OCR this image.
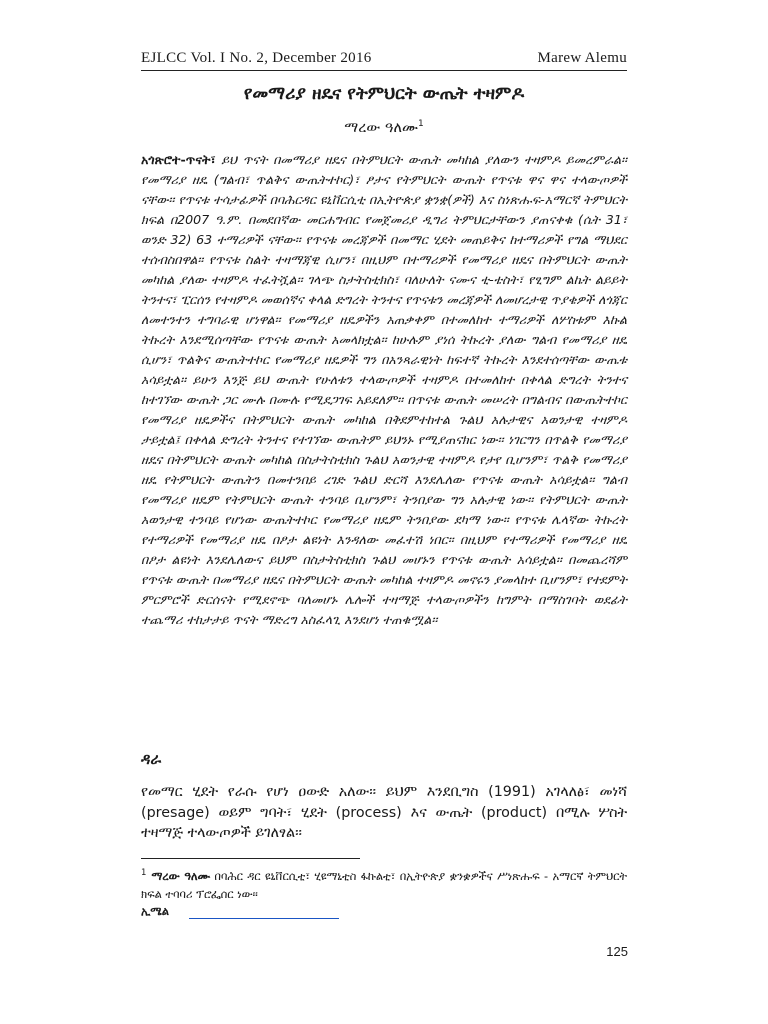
EJLCC Vol. I No. 2, December 2016	Marew Alemu
የመማሪያ ዘዴና የትምህርት ውጤት ተዛምዶ
ማረው ዓለሙ$^1$

አጎጽሮተ-ጥናት፣ ይህ ጥናት በመማሪያ ዘዴና በትምህርት ውጤት መካከል ያለውን ተዛምዶ ይመረምራል፡፡ የመማሪያ ዘዴ (ግልብ፣ ጥልቅና ውጤትተኮር)፣ ፆታና የትምህርት ውጤት የጥናቱ ዋና ዋና ተላውጦዎች ናቸው፡፡ የጥናቱ ተሳታፊዎች በባሕርዳር ዩኒቨርሲቲ በኢትዮጵያ ቋንቋ(ዎች) እና ስነጽሑፍ-አማርኛ ትምህርት ክፍል በ2007 ዓ.ም. በመደበኛው መርሐግብር የመጀመሪያ ዲግሪ ትምህርታቸውን ያጠናቀቁ (ሴት 31፣ ወንድ 32) 63 ተማሪዎች ናቸው፡፡ የጥናቱ መረጃዎች በመማር ሂደት መጠይቅና ከተማሪዎች የግል ማህደር ተሰብስበዋል፡፡ የጥናቱ ስልት ተዛማጃዊ ሲሆን፣ በዚህም በተማሪዎች የመማሪያ ዘዴና በትምህርት ውጤት መካከል ያለው ተዛምዶ ተፈትሿል፡፡ ገላጭ ስታትስቲክስ፣ ባለሁለት ናሙና ቲ-ቴስት፣ የፂግም ልኬት ልይይት ትንተና፣ ፒርሰን የተዛምዶ መወሰኛና ቀላል ድግረት ትንተና የጥናቱን መረጃዎች ለመሆረታዊ ጥያቄዎች ለጎጃር ለመተንተን ተግባራዊ ሆነዋል፡፡ የመማሪያ ዘዴዎችን አጠቃቀም በተመለከተ ተማሪዎች ለሦስቱም እኩል ትኩረት እንደሚሰጣቸው የጥናቱ ውጤት አመላክቷል፡፡ ከሁሉም ያነሰ ትኩረት ያለው ግልብ የመማሪያ ዘዴ ሲሆን፣ ጥልቅና ውጤትተኮር የመማሪያ ዘዴዎች ግን በአንጻራዊነት ከፍተኛ ትኩረት እንደተሰጣቸው ውጤቱ አሳይቷል፡፡ ይሁን እንጅ ይህ ውጤት የሁለቱን ተላውጦዎች ተዛምዶ በተመለከተ በቀላል ድግረት ትንተና ከተገኘው ውጤት ጋር ሙሉ በሙሉ የሚደጋገፍ አይደለም፡፡ በጥናቱ ውጤት መሠረት በግልብና በውጤትተኮር የመማሪያ ዘዴዎችና በትምህርት ውጤት መካከል በቅደምተከተል ጉልህ አሉታዊና አወንታዊ ተዛምዶ ታይቷል፤ በቀላል ድግረት ትንተና የተገኘው ውጤትም ይህንኑ የሚያጠናክር ነው፡፡ ነገርግን በጥልቅ የመማሪያ ዘዴና በትምህርት ውጤት መካከል በስታትስቲክስ ጉልህ አወንታዊ ተዛምዶ የታየ ቢሆንም፣ ጥልቅ የመማሪያ ዘዴ የትምህርት ውጤትን በመተንበይ ረገድ ጉልህ ድርሻ እንደሌለው የጥናቱ ውጤት አሳይቷል፡፡ ግልብ የመማሪያ ዘዴም የትምህርት ውጤት ተንባይ ቢሆንም፣ ትንበያው ግን አሉታዊ ነው፡፡ የትምህርት ውጤት አወንታዊ ተንባይ የሆነው ውጤትተኮር የመማሪያ ዘዴም ትንበያው ደካማ ነው፡፡ የጥናቱ ሌላኛው ትኩረት የተማሪዎች የመማሪያ ዘዴ በፆታ ልዩነት እንዳለው መፈተሽ ነበር፡፡ በዚህም የተማሪዎች የመማሪያ ዘዴ በፆታ ልዩነት እንደሌለውና ይህም በስታትስቲክስ ጉልህ መሆኑን የጥናቱ ውጤት አሳይቷል፡፡ በመጨረሻም የጥናቱ ውጤት በመማሪያ ዘዴና በትምህርት ውጤት መካከል ተዛምዶ መኖሩን ያመላከተ ቢሆንም፣ የተደምት ምርምሮች ድርሰናት የሚደኖጭ ባለመሆኑ ሌሎች ተዛማጅ ተላውጦዎችን ከግምት በማስገባት ወደፊት ተጨማሪ ተከታታይ ጥናት ማድረግ አስፈላጊ እንደሆነ ተጠቁሟል፡፡

ዳራ

የመማር ሂደት የራሱ የሆነ ዐውድ አለው፡፡ ይህም እንደቢግስ (1991) አገላለፅ፣ መነሻ (presage) ወይም ግባት፣ ሂደት (process) እና ውጤት (product) በሚሉ ሦስት ተዛማጅ ተላውጦዎች ይገለፃል፡፡

$^1$ ማረው ዓለሙ በባሕር ዳር ዩኒቨርሲቲ፣ ሂዩማኒቲስ ፋኩልቲ፣ በኢትዮጵያ ቋንቋዎችና ሥነጽሑፍ - አማርኛ ትምህርት ክፍል ተባባሪ ፕሮፌሰር ነው፡፡

ኢሜል
125
